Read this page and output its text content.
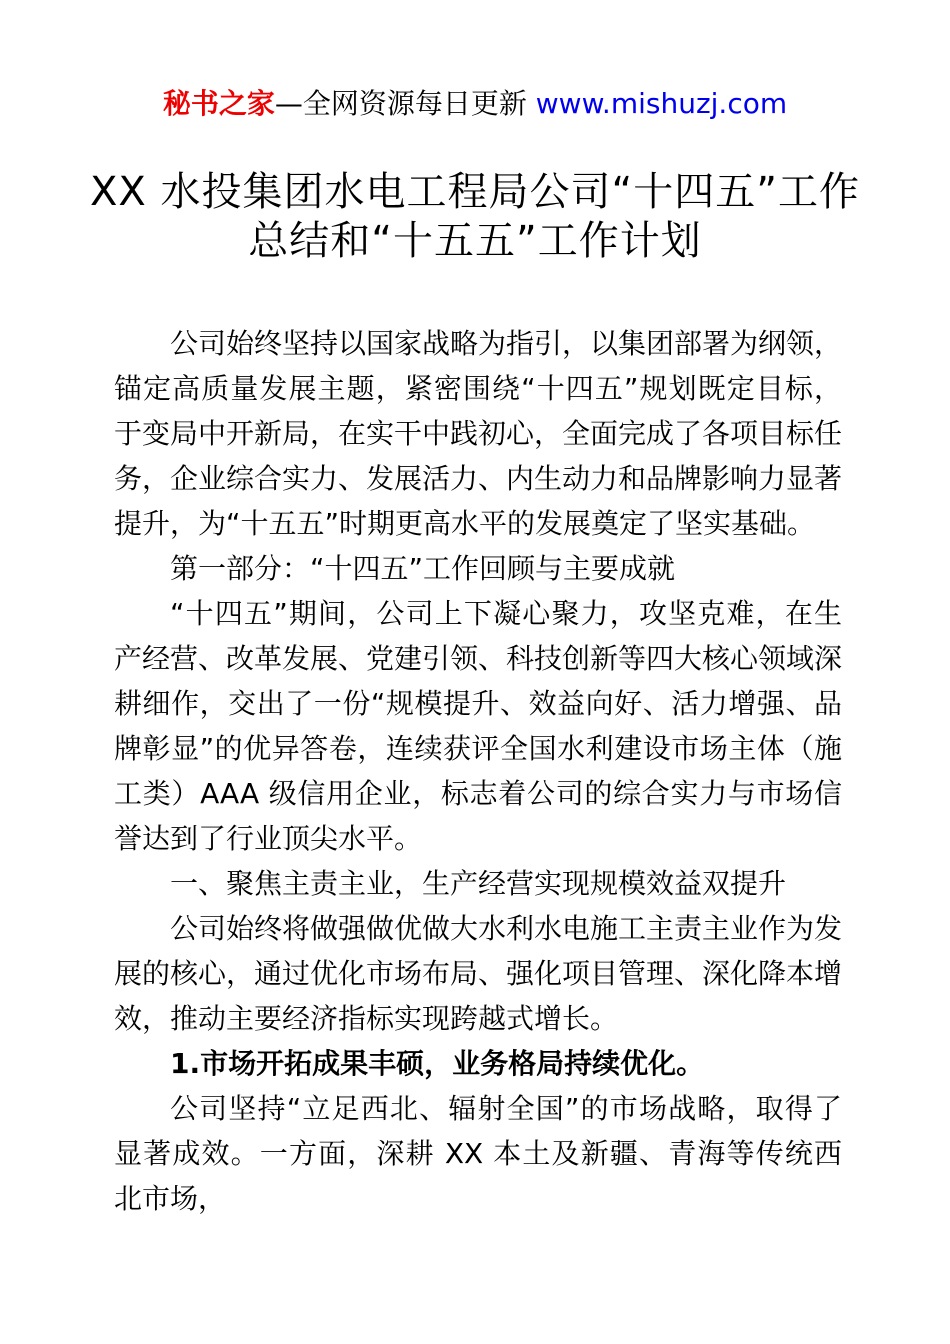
秘书之家—全网资源每日更新 www.mishuzj.com
XX 水投集团水电工程局公司“十四五”工作
总结和“十五五”工作计划

公司始终坚持以国家战略为指引，以集团部署为纲领，锚定高质量发展主题，紧密围绕“十四五”规划既定目标，于变局中开新局，在实干中践初心，全面完成了各项目标任务，企业综合实力、发展活力、内生动力和品牌影响力显著提升，为“十五五”时期更高水平的发展奠定了坚实基础。

第一部分：“十四五”工作回顾与主要成就

“十四五”期间，公司上下凝心聚力，攻坚克难，在生产经营、改革发展、党建引领、科技创新等四大核心领域深耕细作，交出了一份“规模提升、效益向好、活力增强、品牌彰显”的优异答卷，连续获评全国水利建设市场主体（施工类）AAA 级信用企业，标志着公司的综合实力与市场信誉达到了行业顶尖水平。

一、聚焦主责主业，生产经营实现规模效益双提升

公司始终将做强做优做大水利水电施工主责主业作为发展的核心，通过优化市场布局、强化项目管理、深化降本增效，推动主要经济指标实现跨越式增长。

1.市场开拓成果丰硕，业务格局持续优化。

公司坚持“立足西北、辐射全国”的市场战略，取得了显著成效。一方面，深耕 XX 本土及新疆、青海等传统西北市场，
